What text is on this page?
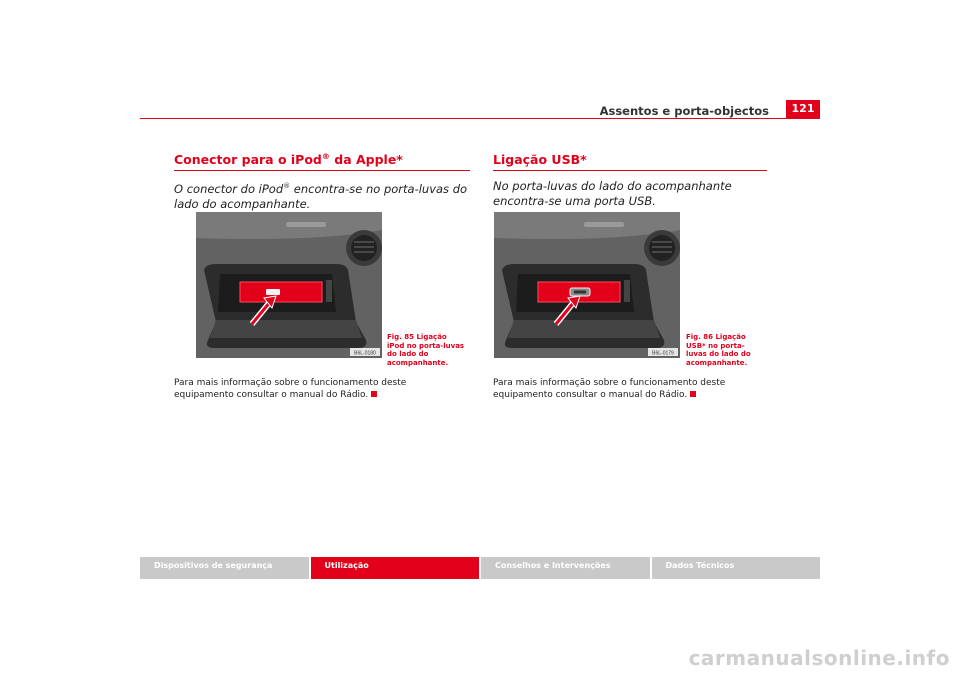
Assentos e porta-objectos	121
Conector para o iPod® da Apple*
O conector do iPod® encontra-se no porta-luvas do lado do acompanhante.
B6L-0180
Fig. 85 Ligação iPod no porta-luvas do lado do acompanhante.
Para mais informação sobre o funcionamento deste equipamento consultar o manual do Rádio.
Ligação USB*
No porta-luvas do lado do acompanhante encontra-se uma porta USB.
B6L-0179
Fig. 86 Ligação USB* no porta-luvas do lado do acompanhante.
Para mais informação sobre o funcionamento deste equipamento consultar o manual do Rádio.
Dispositivos de segurança	Utilização	Conselhos e Intervenções	Dados Técnicos
carmanualsonline.info
